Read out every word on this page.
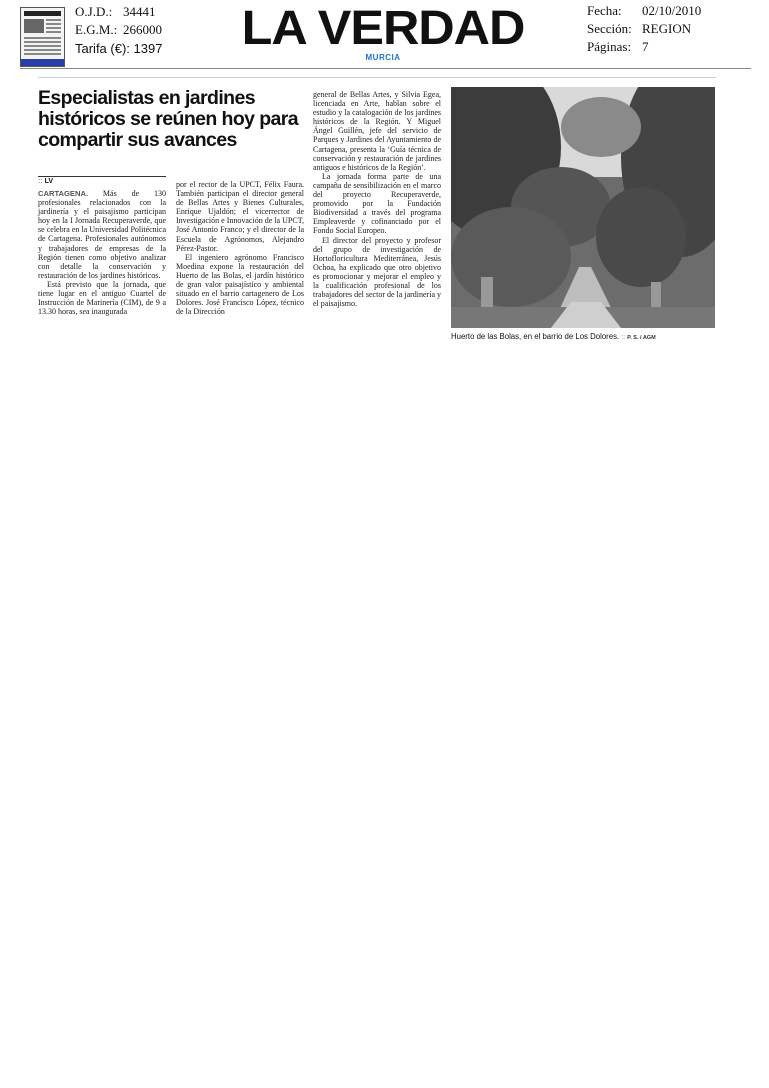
O.J.D.: 34441
E.G.M.: 266000
Tarifa (€): 1397	LA VERDAD
MURCIA
Fecha:	02/10/2010
Sección: REGION
Páginas: 7
Especialistas en jardines históricos se reúnen hoy para compartir sus avances
:: LV

CARTAGENA. Más de 130 profesionales relacionados con la jardinería y el paisajismo participan hoy en la I Jornada Recuperaverde, que se celebra en la Universidad Politécnica de Cartagena. Profesionales autónomos y trabajadores de empresas de la Región tienen como objetivo analizar con detalle la conservación y restauración de los jardines históricos.

Está previsto que la jornada, que tiene lugar en el antiguo Cuartel de Instrucción de Marinería (CIM), de 9 a 13.30 horas, sea inaugurada

por el rector de la UPCT, Félix Faura. También participan el director general de Bellas Artes y Bienes Culturales, Enrique Ujaldón; el vicerrector de Investigación e Innovación de la UPCT, José Antonio Franco; y el director de la Escuela de Agrónomos, Alejandro Pérez-Pastor.

El ingeniero agrónomo Francisco Moedina expone la restauración del Huerto de las Bolas, el jardín histórico de gran valor paisajístico y ambiental situado en el barrio cartagenero de Los Dolores. José Francisco López, técnico de la Dirección

general de Bellas Artes, y Silvia Egea, licenciada en Arte, hablan sobre el estudio y la catalogación de los jardines históricos de la Región. Y Miguel Ángel Guillén, jefe del servicio de Parques y Jardines del Ayuntamiento de Cartagena, presenta la ‘Guía técnica de conservación y restauración de jardines antiguos e históricos de la Región’.

La jornada forma parte de una campaña de sensibilización en el marco del proyecto Recuperaverde, promovido por la Fundación Biodiversidad a través del programa Empleaverde y cofinanciado por el Fondo Social Europeo.

El director del proyecto y profesor del grupo de investigación de Hortofloricultura Mediterránea, Jesús Ochoa, ha explicado que otro objetivo es promocionar y mejorar el empleo y la cualificación profesional de los trabajadores del sector de la jardinería y el paisajismo.

Huerto de las Bolas, en el barrio de Los Dolores. :: P. S. / AGM
